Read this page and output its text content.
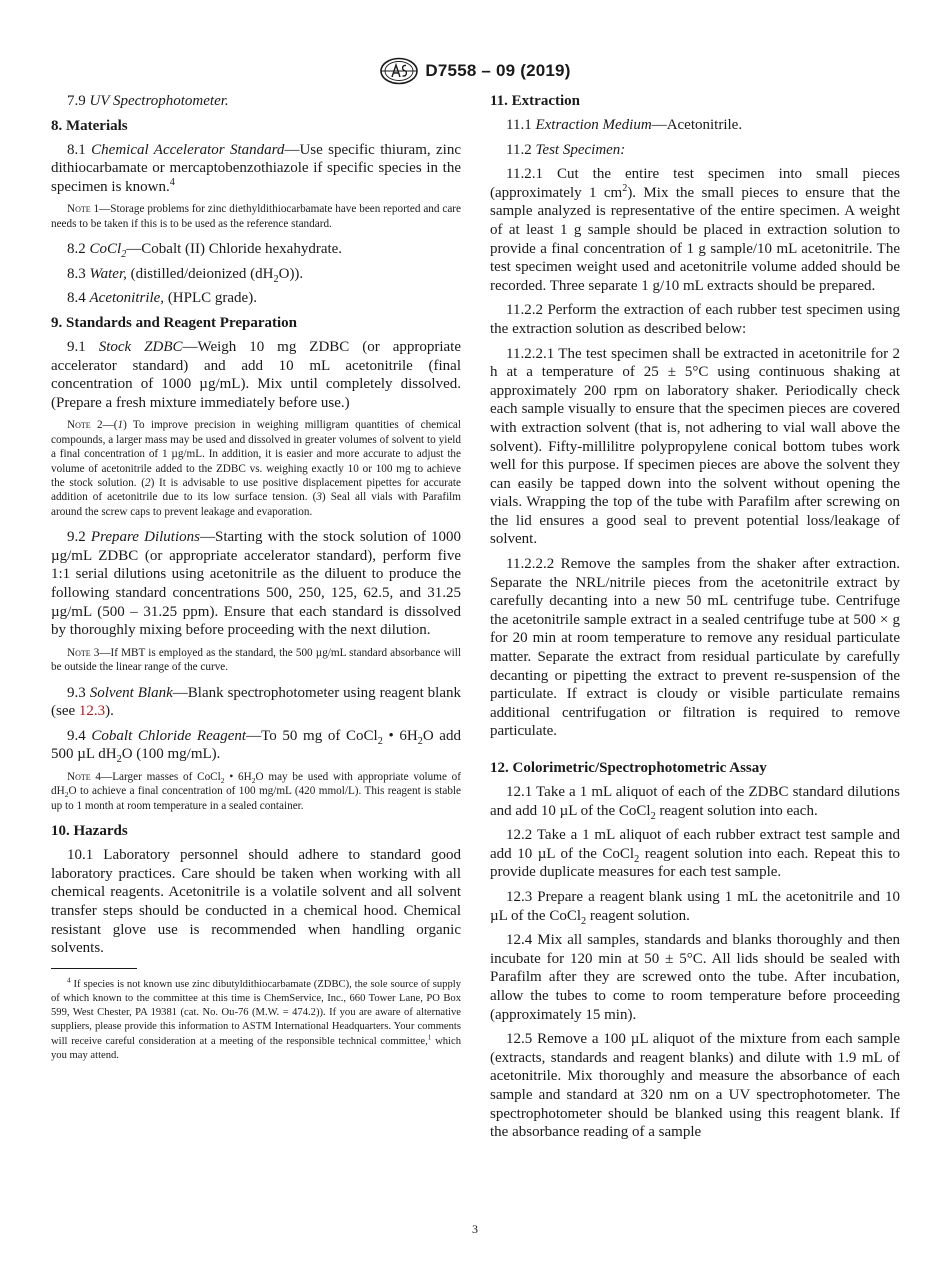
D7558 – 09 (2019)

7.9 UV Spectrophotometer.

8. Materials

8.1 Chemical Accelerator Standard—Use specific thiuram, zinc dithiocarbamate or mercaptobenzothiazole if specific species in the specimen is known.$^4$

Note 1—Storage problems for zinc diethyldithiocarbamate have been reported and care needs to be taken if this is to be used as the reference standard.

8.2 CoCl$_2$—Cobalt (II) Chloride hexahydrate.

8.3 Water, (distilled/deionized $(dH_2O)$).

8.4 Acetonitrile, (HPLC grade).

9. Standards and Reagent Preparation

9.1 Stock ZDBC—Weigh 10 mg ZDBC (or appropriate accelerator standard) and add 10 mL acetonitrile (final concentration of 1000 µg/mL). Mix until completely dissolved. (Prepare a fresh mixture immediately before use.)

Note 2—(1) To improve precision in weighing milligram quantities of chemical compounds, a larger mass may be used and dissolved in greater volumes of solvent to yield a final concentration of 1 µg/mL. In addition, it is easier and more accurate to adjust the volume of acetonitrile added to the ZDBC vs. weighing exactly 10 or 100 mg to achieve the stock solution. (2) It is advisable to use positive displacement pipettes for accurate addition of acetonitrile due to its low surface tension. (3) Seal all vials with Parafilm around the screw caps to prevent leakage and evaporation.

9.2 Prepare Dilutions—Starting with the stock solution of 1000 µg/mL ZDBC (or appropriate accelerator standard), perform five 1:1 serial dilutions using acetonitrile as the diluent to produce the following standard concentrations 500, 250, 125, 62.5, and 31.25 µg/mL (500 – 31.25 ppm). Ensure that each standard is dissolved by thoroughly mixing before proceeding with the next dilution.

Note 3—If MBT is employed as the standard, the 500 µg/mL standard absorbance will be outside the linear range of the curve.

9.3 Solvent Blank—Blank spectrophotometer using reagent blank (see 12.3).

9.4 Cobalt Chloride Reagent—To 50 mg of CoCl$_2$ • $6H_2O$ add 500 µL $dH_2O$ (100 mg/mL).

Note 4—Larger masses of CoCl$_2$ • $6H_2O$ may be used with appropriate volume of $dH_2O$ to achieve a final concentration of 100 mg/mL (420 mmol/L). This reagent is stable up to 1 month at room temperature in a sealed container.

10. Hazards

10.1 Laboratory personnel should adhere to standard good laboratory practices. Care should be taken when working with all chemical reagents. Acetonitrile is a volatile solvent and all solvent transfer steps should be conducted in a chemical hood. Chemical resistant glove use is recommended when handling organic solvents.

$^4$ If species is not known use zinc dibutyldithiocarbamate (ZDBC), the sole source of supply of which known to the committee at this time is ChemService, Inc., 660 Tower Lane, PO Box 599, West Chester, PA 19381 (cat. No. Ou-76 (M.W. = 474.2)). If you are aware of alternative suppliers, please provide this information to ASTM International Headquarters. Your comments will receive careful consideration at a meeting of the responsible technical committee,$^1$ which you may attend.

11. Extraction

11.1 Extraction Medium—Acetonitrile.

11.2 Test Specimen:

11.2.1 Cut the entire test specimen into small pieces (approximately 1 $cm^2$). Mix the small pieces to ensure that the sample analyzed is representative of the entire specimen. A weight of at least 1 g sample should be placed in extraction solution to provide a final concentration of 1 g sample/10 mL acetonitrile. The test specimen weight used and acetonitrile volume added should be recorded. Three separate 1 g/10 mL extracts should be prepared.

11.2.2 Perform the extraction of each rubber test specimen using the extraction solution as described below:

11.2.2.1 The test specimen shall be extracted in acetonitrile for 2 h at a temperature of 25 ± 5°C using continuous shaking at approximately 200 rpm on laboratory shaker. Periodically check each sample visually to ensure that the specimen pieces are covered with extraction solvent (that is, not adhering to vial wall above the solvent). Fifty-millilitre polypropylene conical bottom tubes work well for this purpose. If specimen pieces are above the solvent they can easily be tapped down into the solvent without opening the vials. Wrapping the top of the tube with Parafilm after screwing on the lid ensures a good seal to prevent potential loss/leakage of solvent.

11.2.2.2 Remove the samples from the shaker after extraction. Separate the NRL/nitrile pieces from the acetonitrile extract by carefully decanting into a new 50 mL centrifuge tube. Centrifuge the acetonitrile sample extract in a sealed centrifuge tube at 500 × g for 20 min at room temperature to remove any residual particulate matter. Separate the extract from residual particulate by carefully decanting or pipetting the extract to prevent re-suspension of the particulate. If extract is cloudy or visible particulate remains additional centrifugation or filtration is required to remove particulate.

12. Colorimetric/Spectrophotometric Assay

12.1 Take a 1 mL aliquot of each of the ZDBC standard dilutions and add 10 µL of the CoCl$_2$ reagent solution into each.

12.2 Take a 1 mL aliquot of each rubber extract test sample and add 10 µL of the CoCl$_2$ reagent solution into each. Repeat this to provide duplicate measures for each test sample.

12.3 Prepare a reagent blank using 1 mL the acetonitrile and 10 µL of the CoCl$_2$ reagent solution.

12.4 Mix all samples, standards and blanks thoroughly and then incubate for 120 min at 50 ± 5°C. All lids should be sealed with Parafilm after they are screwed onto the tube. After incubation, allow the tubes to come to room temperature before proceeding (approximately 15 min).

12.5 Remove a 100 µL aliquot of the mixture from each sample (extracts, standards and reagent blanks) and dilute with 1.9 mL of acetonitrile. Mix thoroughly and measure the absorbance of each sample and standard at 320 nm on a UV spectrophotometer. The spectrophotometer should be blanked using this reagent blank. If the absorbance reading of a sample

3
